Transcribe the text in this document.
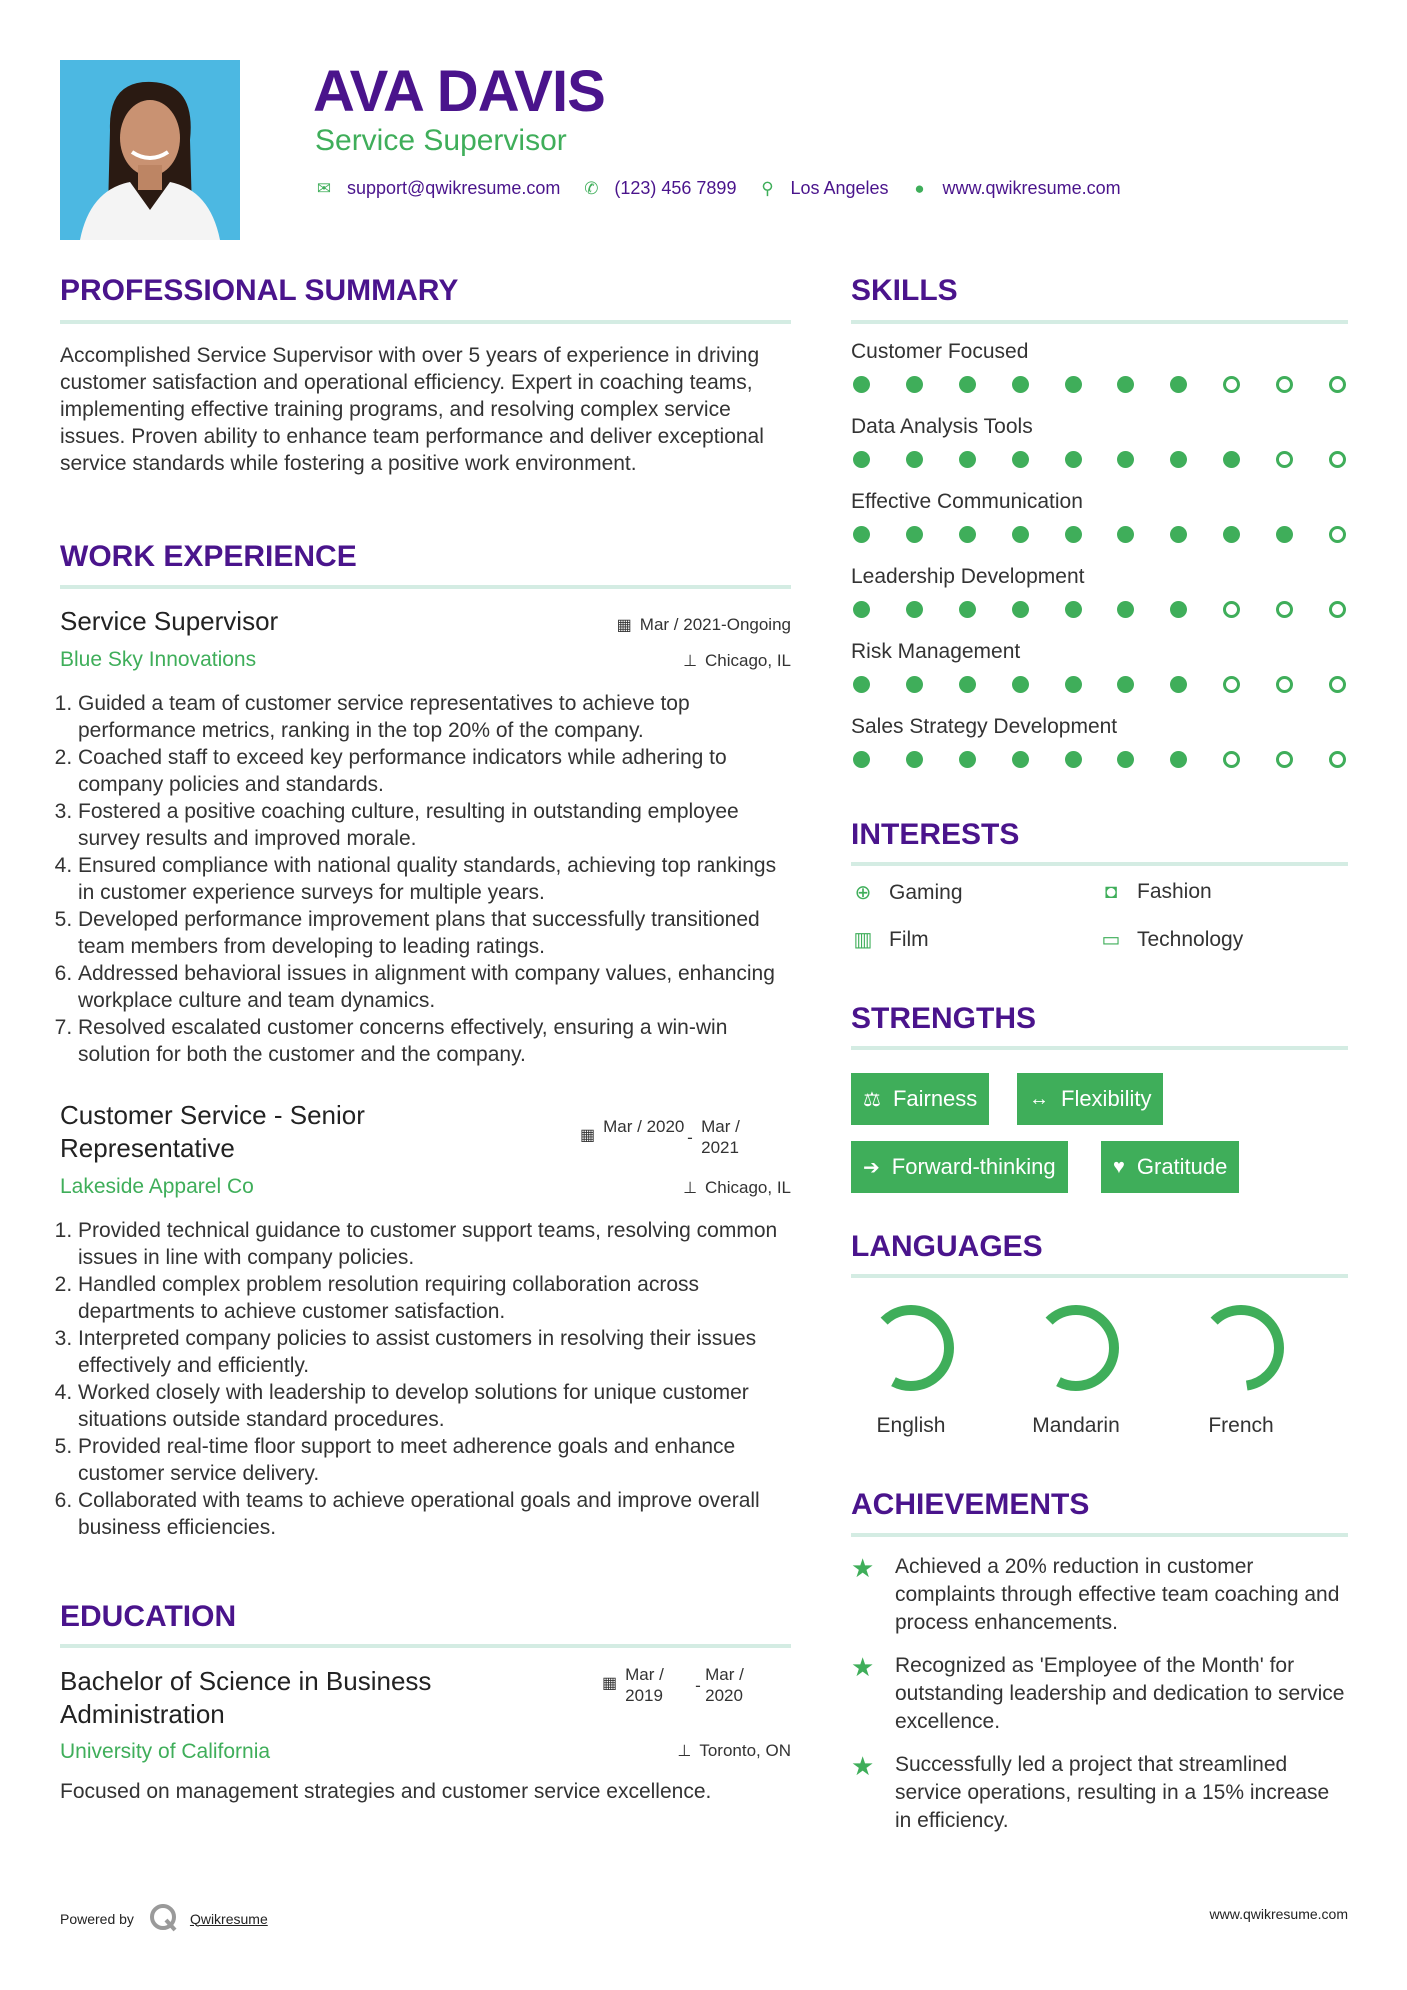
AVA DAVIS
Service Supervisor
✉ support@qwikresume.com ✆ (123) 456 7899 ⚲ Los Angeles ● www.qwikresume.com
PROFESSIONAL SUMMARY
Accomplished Service Supervisor with over 5 years of experience in driving customer satisfaction and operational efficiency. Expert in coaching teams, implementing effective training programs, and resolving complex service issues. Proven ability to enhance team performance and deliver exceptional service standards while fostering a positive work environment.
WORK EXPERIENCE
Service Supervisor	▦ Mar / 2021-Ongoing
Blue Sky Innovations	⊥ Chicago, IL
1. Guided a team of customer service representatives to achieve top performance metrics, ranking in the top 20% of the company.
2. Coached staff to exceed key performance indicators while adhering to company policies and standards.
3. Fostered a positive coaching culture, resulting in outstanding employee survey results and improved morale.
4. Ensured compliance with national quality standards, achieving top rankings in customer experience surveys for multiple years.
5. Developed performance improvement plans that successfully transitioned team members from developing to leading ratings.
6. Addressed behavioral issues in alignment with company values, enhancing workplace culture and team dynamics.
7. Resolved escalated customer concerns effectively, ensuring a win-win solution for both the customer and the company.
Customer Service - Senior Representative	▦ Mar / 2020
-
Mar / 2021
Lakeside Apparel Co	⊥ Chicago, IL
1. Provided technical guidance to customer support teams, resolving common issues in line with company policies.
2. Handled complex problem resolution requiring collaboration across departments to achieve customer satisfaction.
3. Interpreted company policies to assist customers in resolving their issues effectively and efficiently.
4. Worked closely with leadership to develop solutions for unique customer situations outside standard procedures.
5. Provided real-time floor support to meet adherence goals and enhance customer service delivery.
6. Collaborated with teams to achieve operational goals and improve overall business efficiencies.
EDUCATION
Bachelor of Science in Business Administration
▦ Mar / 2019
-
Mar / 2020
University of California	⊥ Toronto, ON
Focused on management strategies and customer service excellence.
SKILLS
Customer Focused
Data Analysis Tools
Effective Communication
Leadership Development
Risk Management
Sales Strategy Development
INTERESTS
⊕ Gaming	◘ Fashion
▥ Film	▭ Technology
STRENGTHS
⚖ Fairness	↔ Flexibility
➔ Forward-thinking	♥ Gratitude
LANGUAGES
English	Mandarin	French
ACHIEVEMENTS
★ Achieved a 20% reduction in customer complaints through effective team coaching and process enhancements.
★ Recognized as 'Employee of the Month' for outstanding leadership and dedication to service excellence.
★ Successfully led a project that streamlined service operations, resulting in a 15% increase in efficiency.
Powered by	Qwikresume	www.qwikresume.com
